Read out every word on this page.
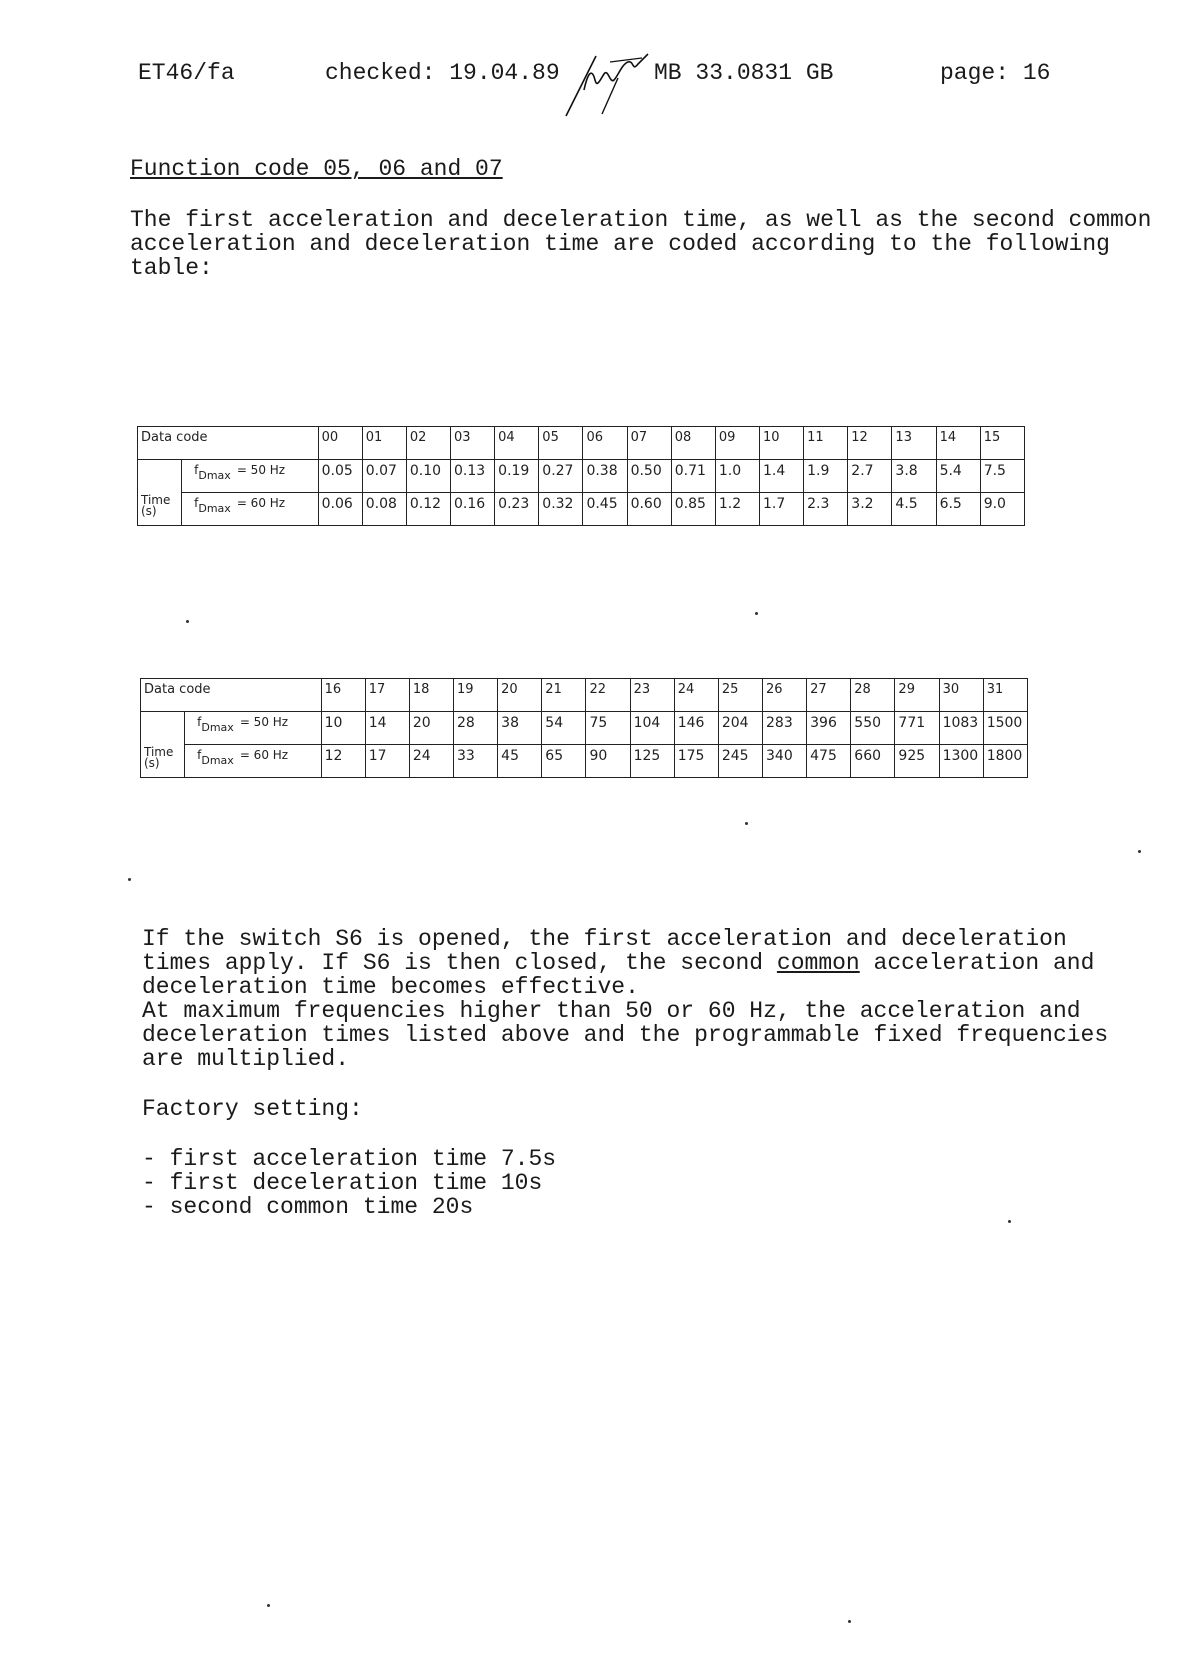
ET46/fa	checked: 19.04.89	MB 33.0831 GB	page: 16
Function code 05, 06 and 07
The first acceleration and deceleration time, as well as the second common acceleration and deceleration time are coded according to the following table:
Data code		00	01	02	03	04	05	06	07	08	09	10	11	12	13	14	15
Time
(s)	$f_{Dmax} = 50$ Hz	0.05	0.07	0.10	0.13	0.19	0.27	0.38	0.50	0.71	1.0	1.4	1.9	2.7	3.8	5.4	7.5
	$f_{Dmax} = 60$ Hz	0.06	0.08	0.12	0.16	0.23	0.32	0.45	0.60	0.85	1.2	1.7	2.3	3.2	4.5	6.5	9.0
Data code		16	17	18	19	20	21	22	23	24	25	26	27	28	29	30	31
Time
(s)	$f_{Dmax} = 50$ Hz	10	14	20	28	38	54	75	104	146	204	283	396	550	771	1083	1500
	$f_{Dmax} = 60$ Hz	12	17	24	33	45	65	90	125	175	245	340	475	660	925	1300	1800
If the switch S6 is opened, the first acceleration and deceleration
times apply. If S6 is then closed, the second common acceleration and
deceleration time becomes effective.
At maximum frequencies higher than 50 or 60 Hz, the acceleration and
deceleration times listed above and the programmable fixed frequencies
are multiplied.
Factory setting:
- first acceleration time 7.5s
- first deceleration time 10s
- second common time 20s
